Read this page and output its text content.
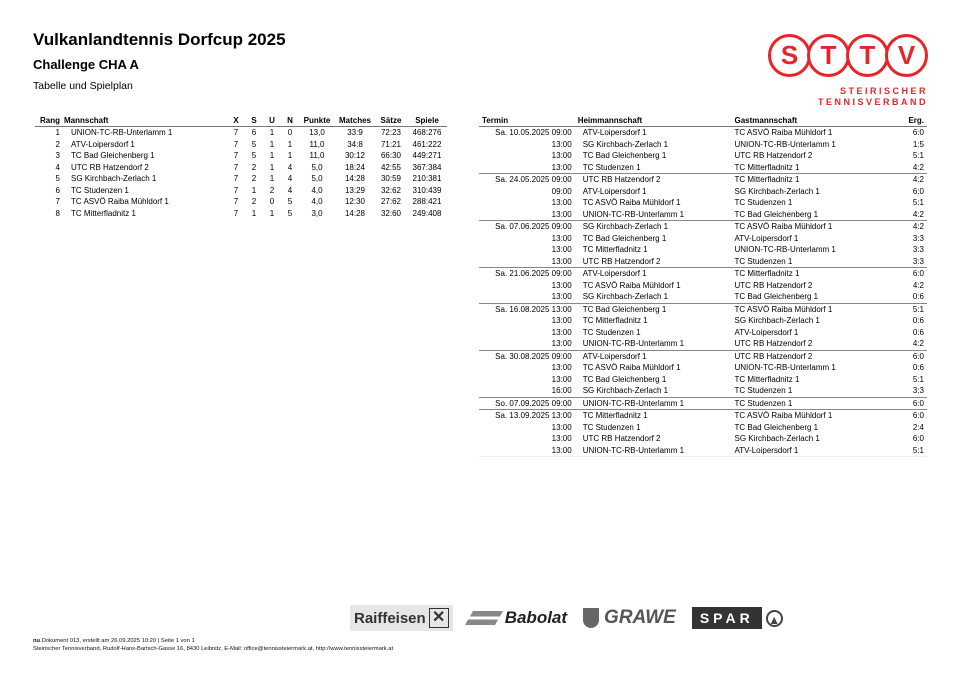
Vulkanlandtennis Dorfcup 2025
Challenge CHA A

Tabelle und Spielplan

S T T V
STEIRISCHER
TENNISVERBAND
Rang	Mannschaft	X	S	U	N	Punkte	Matches	Sätze	Spiele
1	UNION-TC-RB-Unterlamm 1	7	6	1	0	13,0	33:9	72:23	468:276
2	ATV-Loipersdorf 1	7	5	1	1	11,0	34:8	71:21	461:222
3	TC Bad Gleichenberg 1	7	5	1	1	11,0	30:12	66:30	449:271
4	UTC RB Hatzendorf 2	7	2	1	4	5,0	18:24	42:55	367:384
5	SG Kirchbach-Zerlach 1	7	2	1	4	5,0	14:28	30:59	210:381
6	TC Studenzen 1	7	1	2	4	4,0	13:29	32:62	310:439
7	TC ASVÖ Raiba Mühldorf 1	7	2	0	5	4,0	12:30	27:62	288:421
8	TC Mitterfladnitz 1	7	1	1	5	3,0	14:28	32:60	249:408
Termin	Heimmannschaft	Gastmannschaft	Erg.
Sa. 10.05.2025 09:00	ATV-Loipersdorf 1	TC ASVÖ Raiba Mühldorf 1	6:0
13:00	SG Kirchbach-Zerlach 1	UNION-TC-RB-Unterlamm 1	1:5
13:00	TC Bad Gleichenberg 1	UTC RB Hatzendorf 2	5:1
13:00	TC Studenzen 1	TC Mitterfladnitz 1	4:2
Sa. 24.05.2025 09:00	UTC RB Hatzendorf 2	TC Mitterfladnitz 1	4:2
09:00	ATV-Loipersdorf 1	SG Kirchbach-Zerlach 1	6:0
13:00	TC ASVÖ Raiba Mühldorf 1	TC Studenzen 1	5:1
13:00	UNION-TC-RB-Unterlamm 1	TC Bad Gleichenberg 1	4:2
Sa. 07.06.2025 09:00	SG Kirchbach-Zerlach 1	TC ASVÖ Raiba Mühldorf 1	4:2
13:00	TC Bad Gleichenberg 1	ATV-Loipersdorf 1	3:3
13:00	TC Mitterfladnitz 1	UNION-TC-RB-Unterlamm 1	3:3
13:00	UTC RB Hatzendorf 2	TC Studenzen 1	3:3
Sa. 21.06.2025 09:00	ATV-Loipersdorf 1	TC Mitterfladnitz 1	6:0
13:00	TC ASVÖ Raiba Mühldorf 1	UTC RB Hatzendorf 2	4:2
13:00	SG Kirchbach-Zerlach 1	TC Bad Gleichenberg 1	0:6
Sa. 16.08.2025 13:00	TC Bad Gleichenberg 1	TC ASVÖ Raiba Mühldorf 1	5:1
13:00	TC Mitterfladnitz 1	SG Kirchbach-Zerlach 1	0:6
13:00	TC Studenzen 1	ATV-Loipersdorf 1	0:6
13:00	UNION-TC-RB-Unterlamm 1	UTC RB Hatzendorf 2	4:2
Sa. 30.08.2025 09:00	ATV-Loipersdorf 1	UTC RB Hatzendorf 2	6:0
13:00	TC ASVÖ Raiba Mühldorf 1	UNION-TC-RB-Unterlamm 1	0:6
13:00	TC Bad Gleichenberg 1	TC Mitterfladnitz 1	5:1
16:00	SG Kirchbach-Zerlach 1	TC Studenzen 1	3:3
So. 07.09.2025 09:00	UNION-TC-RB-Unterlamm 1	TC Studenzen 1	6:0
Sa. 13.09.2025 13:00	TC Mitterfladnitz 1	TC ASVÖ Raiba Mühldorf 1	6:0
13:00	TC Studenzen 1	TC Bad Gleichenberg 1	2:4
13:00	UTC RB Hatzendorf 2	SG Kirchbach-Zerlach 1	6:0
13:00	UNION-TC-RB-Unterlamm 1	ATV-Loipersdorf 1	5:1
Raiffeisen ✕	Babolat GRAWE	SPAR	▲
nu.Dokument 013, erstellt am 26.09.2025 10:20 | Seite 1 von 1
Steirischer Tennisverband, Rudolf-Hans-Bartsch-Gasse 16, 8430 Leibnitz, E-Mail: office@tennissteiermark.at, http://www.tennissteiermark.at
